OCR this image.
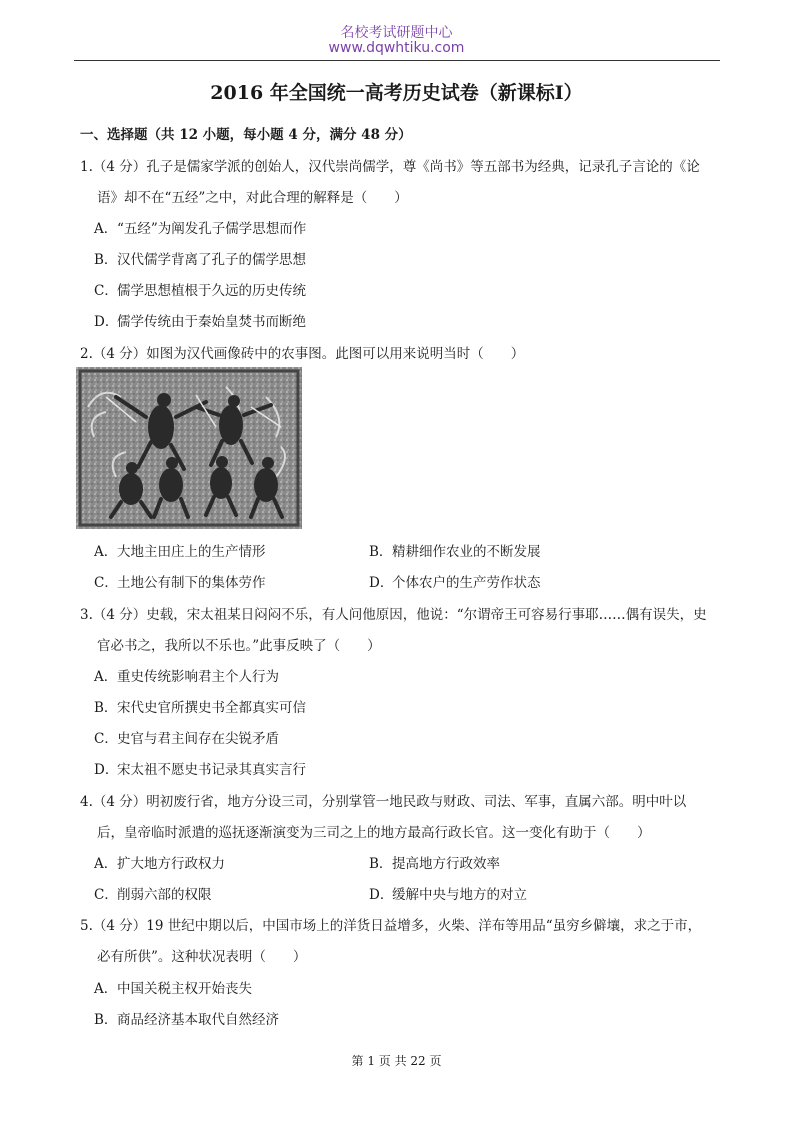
名校考试研题中心
www.dqwhtiku.com
2016 年全国统一高考历史试卷（新课标Ⅰ）
一、选择题（共 12 小题，每小题 4 分，满分 48 分）
1.（4 分）孔子是儒家学派的创始人，汉代崇尚儒学，尊《尚书》等五部书为经典，记录孔子言论的《论
语》却不在“五经”之中，对此合理的解释是（　　）
A．“五经”为阐发孔子儒学思想而作
B．汉代儒学背离了孔子的儒学思想
C．儒学思想植根于久远的历史传统
D．儒学传统由于秦始皇焚书而断绝
2.（4 分）如图为汉代画像砖中的农事图。此图可以用来说明当时（　　）
A．大地主田庄上的生产情形	B．精耕细作农业的不断发展
C．土地公有制下的集体劳作	D．个体农户的生产劳作状态
3.（4 分）史载，宋太祖某日闷闷不乐，有人问他原因，他说：“尔谓帝王可容易行事耶……偶有误失，史
官必书之，我所以不乐也。”此事反映了（　　）
A．重史传统影响君主个人行为
B．宋代史官所撰史书全都真实可信
C．史官与君主间存在尖锐矛盾
D．宋太祖不愿史书记录其真实言行
4.（4 分）明初废行省，地方分设三司，分别掌管一地民政与财政、司法、军事，直属六部。明中叶以
后，皇帝临时派遣的巡抚逐渐演变为三司之上的地方最高行政长官。这一变化有助于（　　）
A．扩大地方行政权力	B．提高地方行政效率
C．削弱六部的权限	D．缓解中央与地方的对立
5.（4 分）19 世纪中期以后，中国市场上的洋货日益增多，火柴、洋布等用品“虽穷乡僻壤，求之于市，
必有所供”。这种状况表明（　　）
A．中国关税主权开始丧失
B．商品经济基本取代自然经济
第 1 页 共 22 页
